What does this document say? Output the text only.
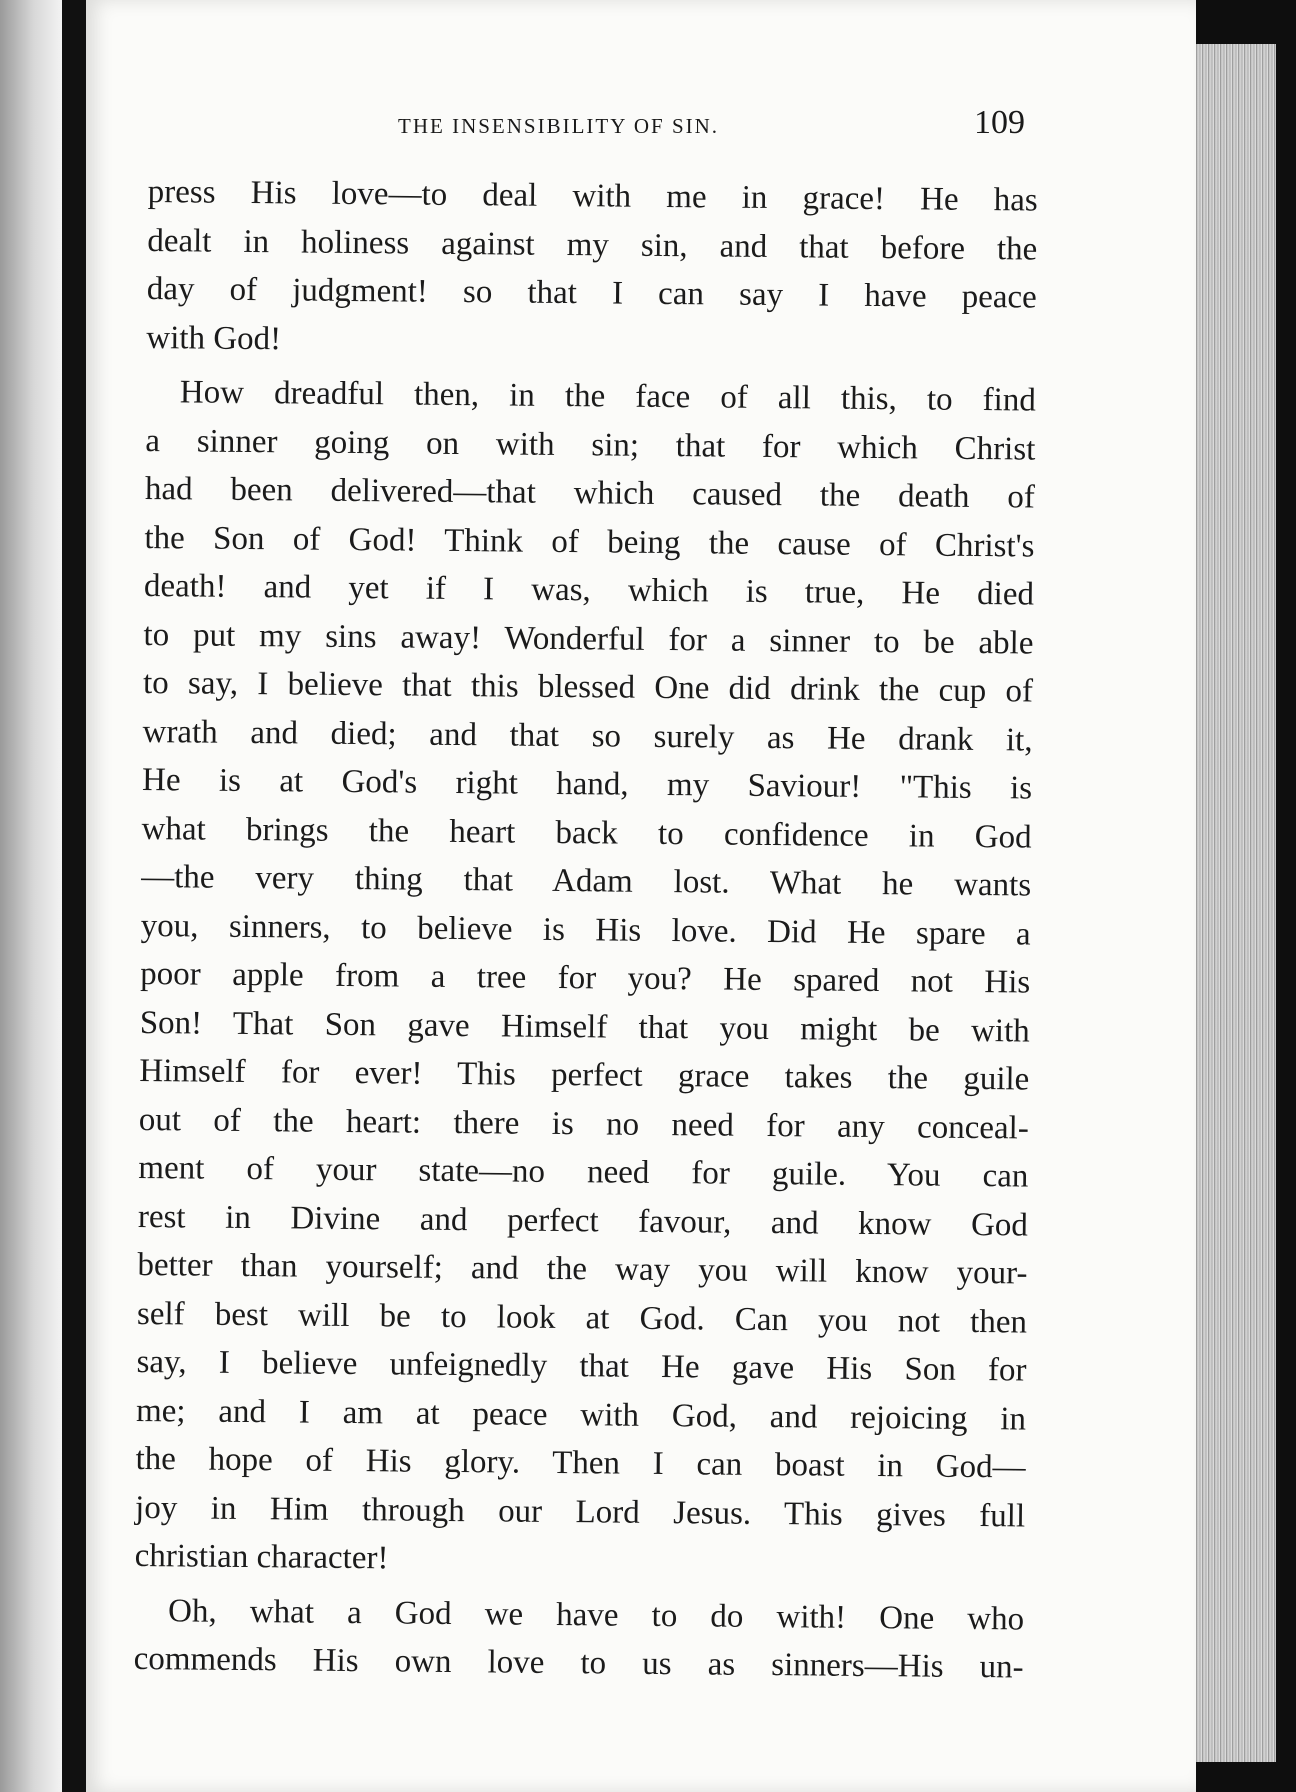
THE INSENSIBILITY OF SIN.	109

press His love—to deal with me in grace! He has
dealt in holiness against my sin, and that before the
day of judgment! so that I can say I have peace
with God!

How dreadful then, in the face of all this, to find
a sinner going on with sin; that for which Christ
had been delivered—that which caused the death of
the Son of God! Think of being the cause of Christ's
death! and yet if I was, which is true, He died
to put my sins away! Wonderful for a sinner to be able
to say, I believe that this blessed One did drink the cup of
wrath and died; and that so surely as He drank it,
He is at God's right hand, my Saviour! "This is
what brings the heart back to confidence in God
—the very thing that Adam lost. What he wants
you, sinners, to believe is His love. Did He spare a
poor apple from a tree for you? He spared not His
Son! That Son gave Himself that you might be with
Himself for ever! This perfect grace takes the guile
out of the heart: there is no need for any conceal-
ment of your state—no need for guile. You can
rest in Divine and perfect favour, and know God
better than yourself; and the way you will know your-
self best will be to look at God. Can you not then
say, I believe unfeignedly that He gave His Son for
me; and I am at peace with God, and rejoicing in
the hope of His glory. Then I can boast in God—
joy in Him through our Lord Jesus. This gives full
christian character!

Oh, what a God we have to do with! One who
commends His own love to us as sinners—His un-
